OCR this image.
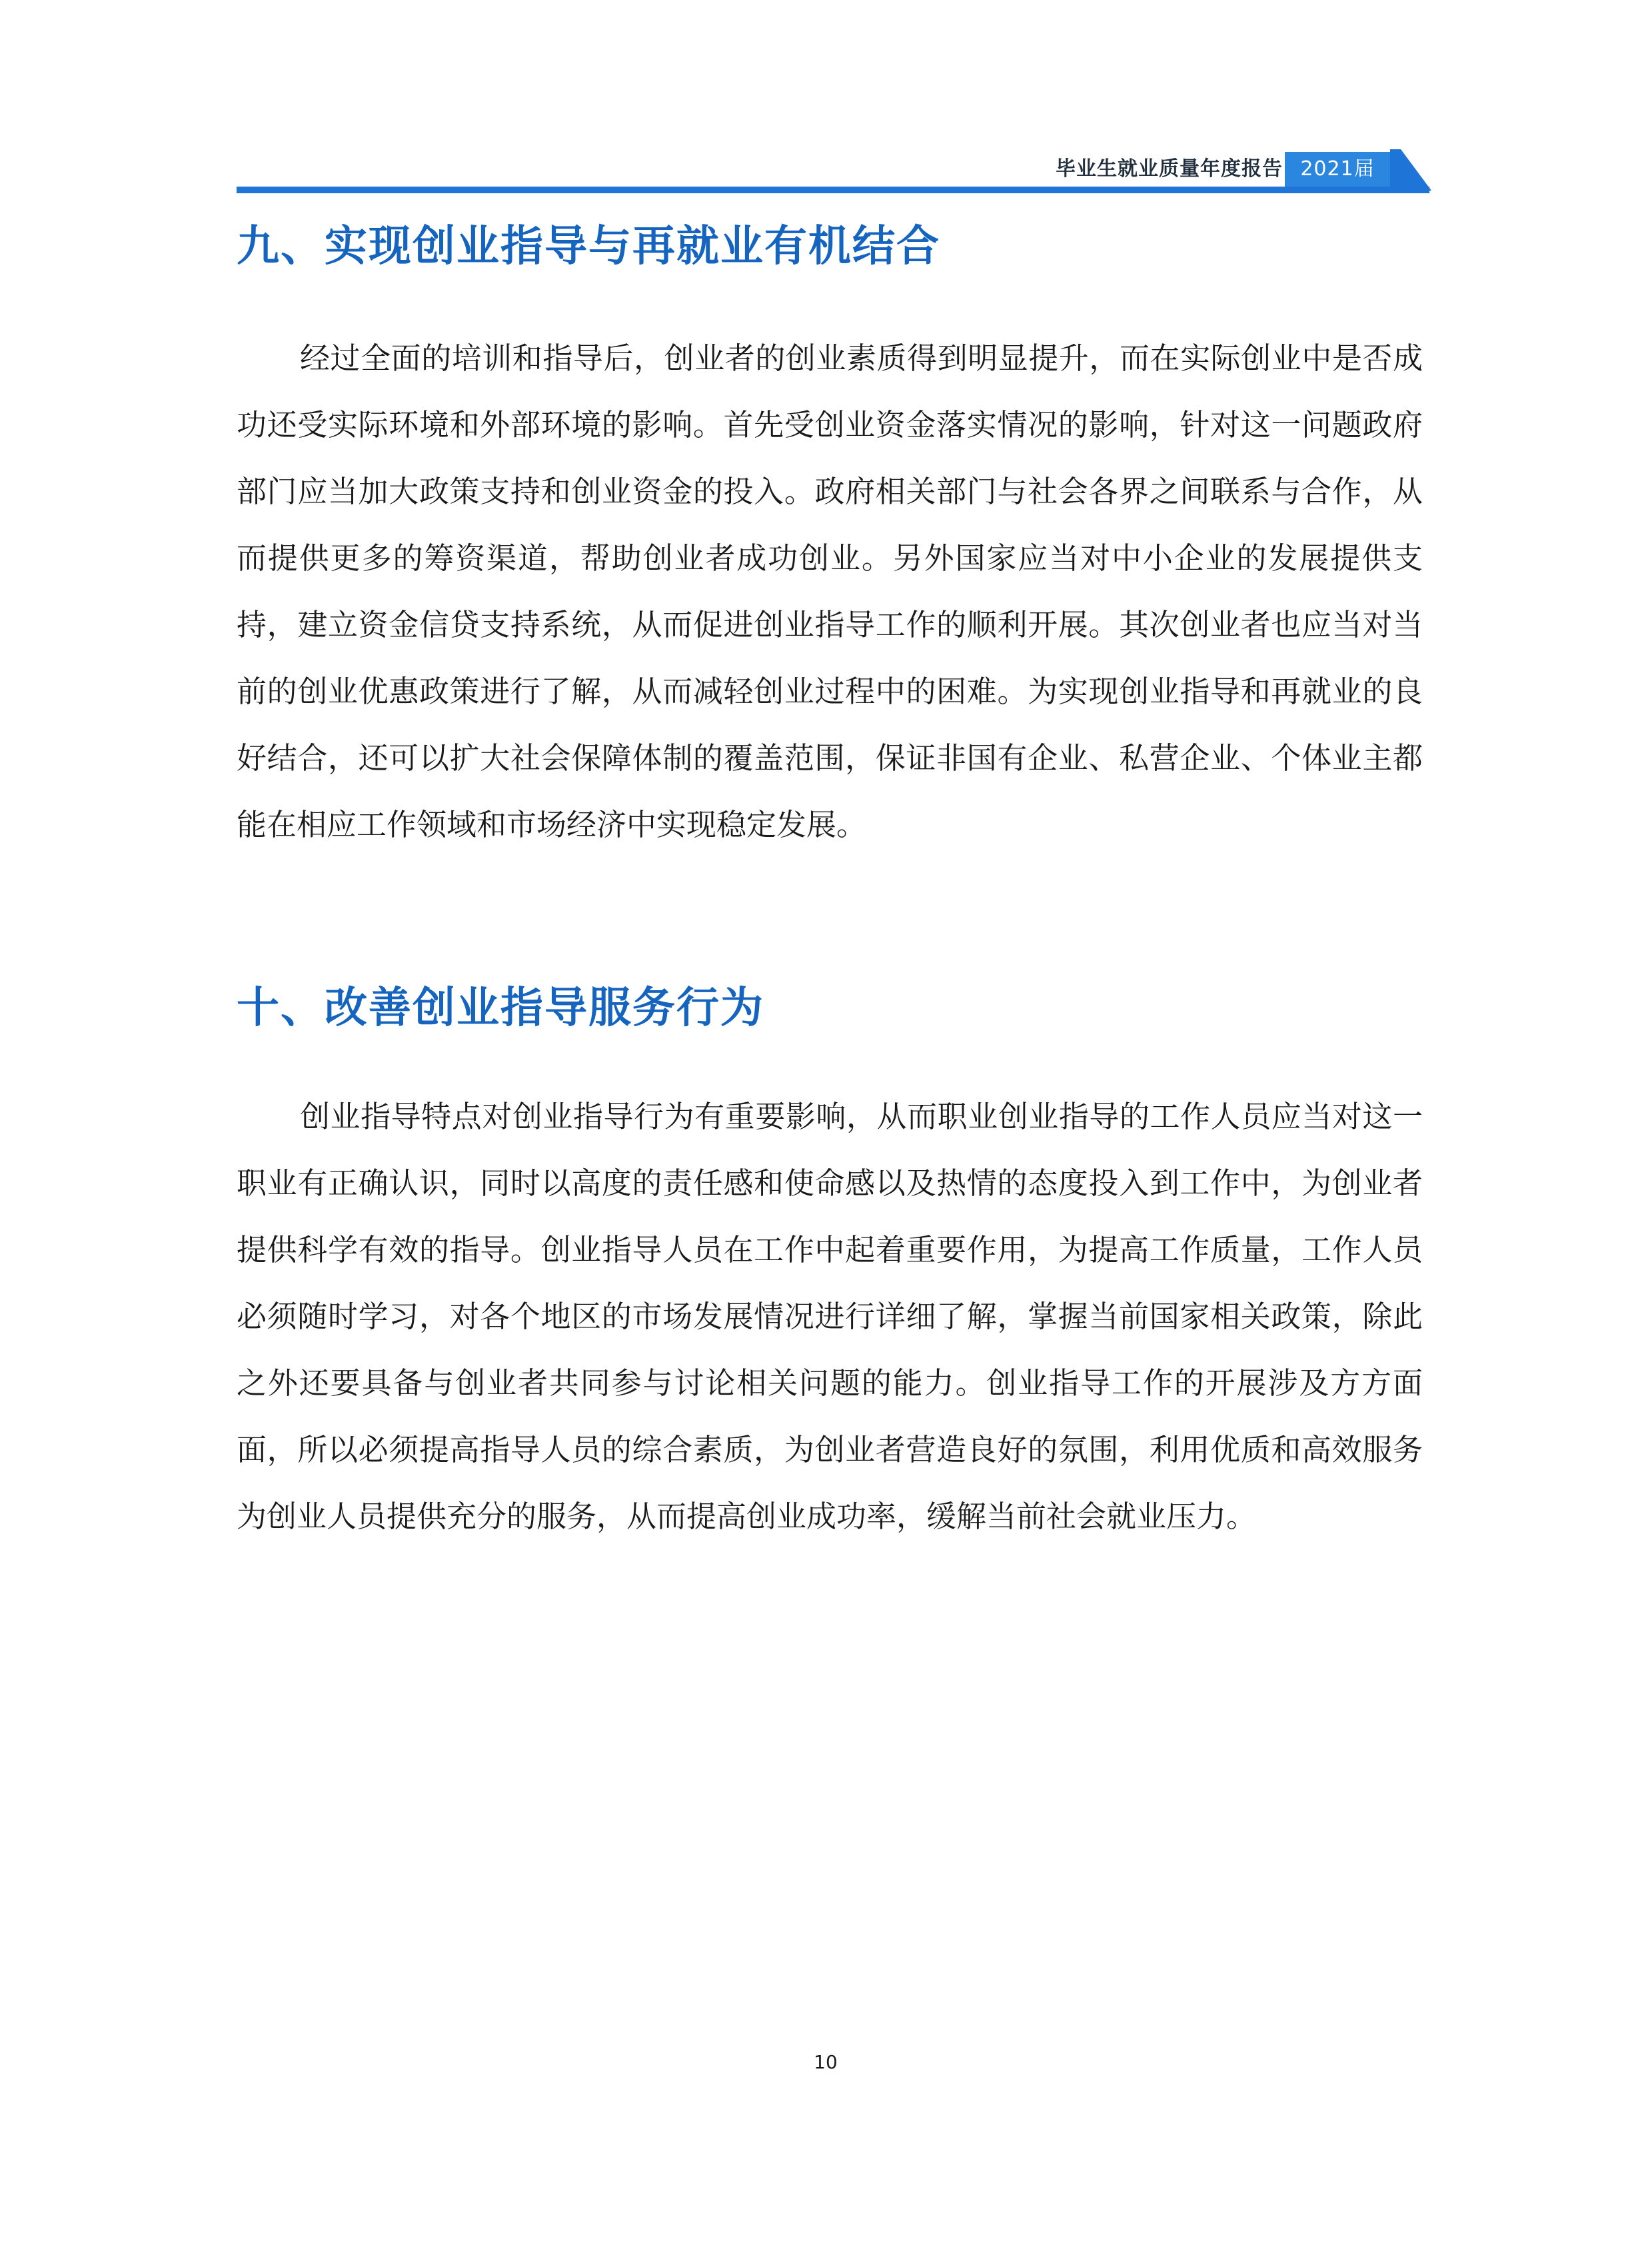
毕业生就业质量年度报告 2021届
九、实现创业指导与再就业有机结合

经过全面的培训和指导后，创业者的创业素质得到明显提升，而在实际创业中是否成功还受实际环境和外部环境的影响。首先受创业资金落实情况的影响，针对这一问题政府部门应当加大政策支持和创业资金的投入。政府相关部门与社会各界之间联系与合作，从而提供更多的筹资渠道，帮助创业者成功创业。另外国家应当对中小企业的发展提供支持，建立资金信贷支持系统，从而促进创业指导工作的顺利开展。其次创业者也应当对当前的创业优惠政策进行了解，从而减轻创业过程中的困难。为实现创业指导和再就业的良好结合，还可以扩大社会保障体制的覆盖范围，保证非国有企业、私营企业、个体业主都能在相应工作领域和市场经济中实现稳定发展。

十、改善创业指导服务行为

创业指导特点对创业指导行为有重要影响，从而职业创业指导的工作人员应当对这一职业有正确认识，同时以高度的责任感和使命感以及热情的态度投入到工作中，为创业者提供科学有效的指导。创业指导人员在工作中起着重要作用，为提高工作质量，工作人员必须随时学习，对各个地区的市场发展情况进行详细了解，掌握当前国家相关政策，除此之外还要具备与创业者共同参与讨论相关问题的能力。创业指导工作的开展涉及方方面面，所以必须提高指导人员的综合素质，为创业者营造良好的氛围，利用优质和高效服务为创业人员提供充分的服务，从而提高创业成功率，缓解当前社会就业压力。

10
